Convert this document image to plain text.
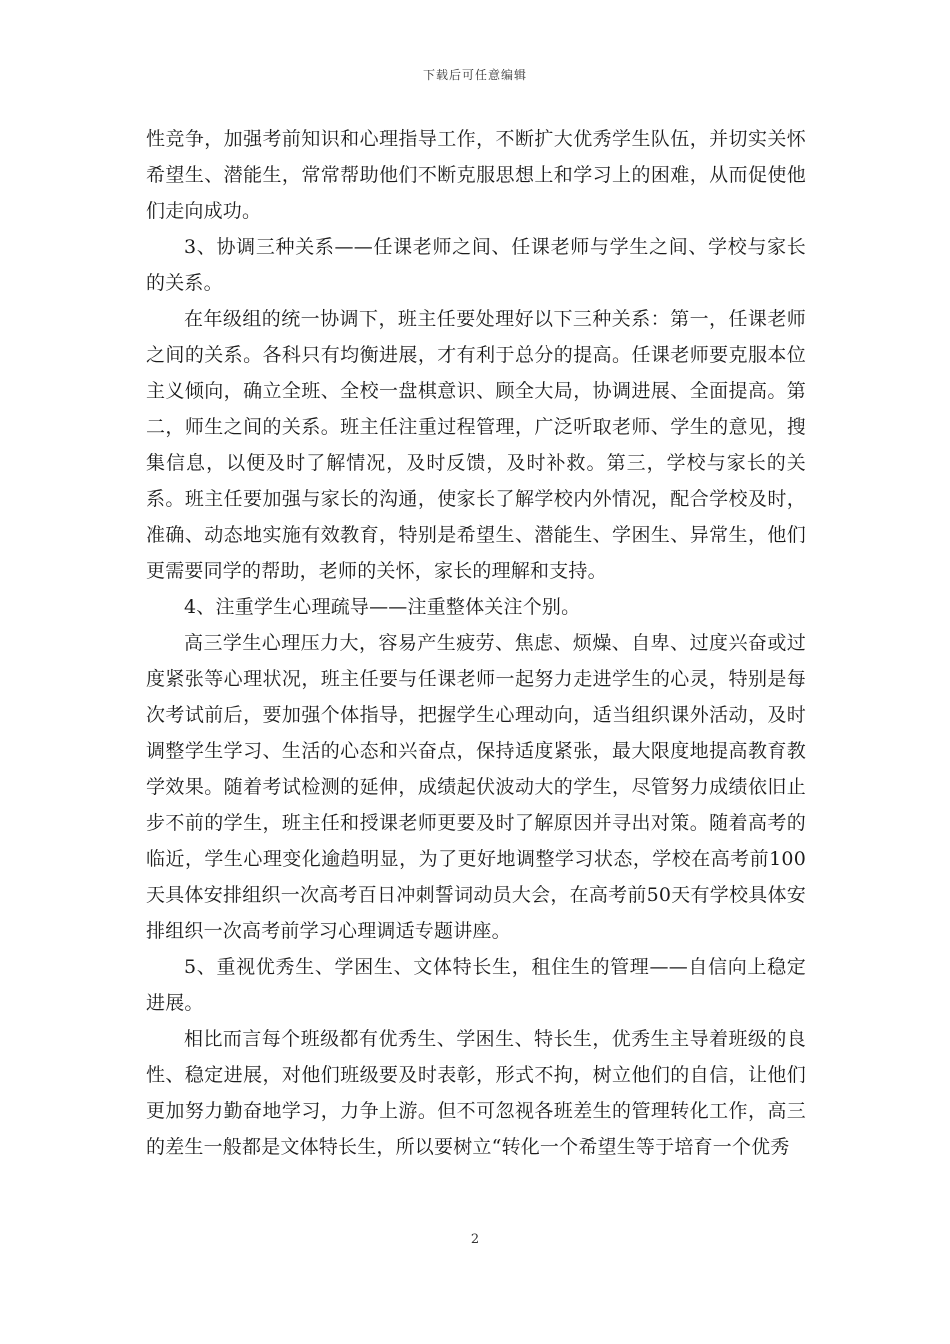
下载后可任意编辑

性竞争，加强考前知识和心理指导工作，不断扩大优秀学生队伍，并切实关怀希望生、潜能生，常常帮助他们不断克服思想上和学习上的困难，从而促使他们走向成功。

3、协调三种关系——任课老师之间、任课老师与学生之间、学校与家长的关系。

在年级组的统一协调下，班主任要处理好以下三种关系：第一，任课老师之间的关系。各科只有均衡进展，才有利于总分的提高。任课老师要克服本位主义倾向，确立全班、全校一盘棋意识、顾全大局，协调进展、全面提高。第二，师生之间的关系。班主任注重过程管理，广泛听取老师、学生的意见，搜集信息，以便及时了解情况，及时反馈，及时补救。第三，学校与家长的关系。班主任要加强与家长的沟通，使家长了解学校内外情况，配合学校及时，准确、动态地实施有效教育，特别是希望生、潜能生、学困生、异常生，他们更需要同学的帮助，老师的关怀，家长的理解和支持。

4、注重学生心理疏导——注重整体关注个别。

高三学生心理压力大，容易产生疲劳、焦虑、烦燥、自卑、过度兴奋或过度紧张等心理状况，班主任要与任课老师一起努力走进学生的心灵，特别是每次考试前后，要加强个体指导，把握学生心理动向，适当组织课外活动，及时调整学生学习、生活的心态和兴奋点，保持适度紧张，最大限度地提高教育教学效果。随着考试检测的延伸，成绩起伏波动大的学生，尽管努力成绩依旧止步不前的学生，班主任和授课老师更要及时了解原因并寻出对策。随着高考的临近，学生心理变化逾趋明显，为了更好地调整学习状态，学校在高考前100天具体安排组织一次高考百日冲刺誓词动员大会，在高考前50天有学校具体安排组织一次高考前学习心理调适专题讲座。

5、重视优秀生、学困生、文体特长生，租住生的管理——自信向上稳定进展。

相比而言每个班级都有优秀生、学困生、特长生，优秀生主导着班级的良性、稳定进展，对他们班级要及时表彰，形式不拘，树立他们的自信，让他们更加努力勤奋地学习，力争上游。但不可忽视各班差生的管理转化工作，高三的差生一般都是文体特长生，所以要树立“转化一个希望生等于培育一个优秀

2
